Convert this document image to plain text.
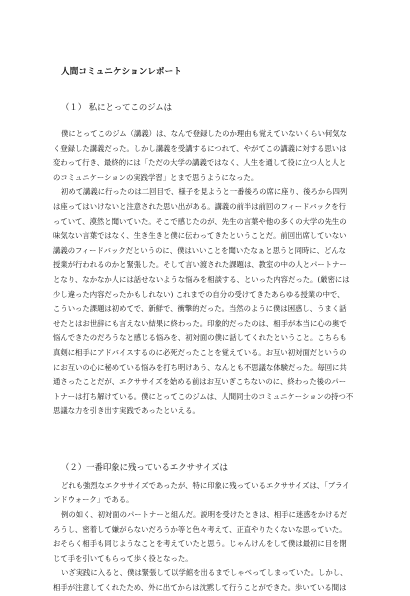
人間コミュニケションレポート
（１） 私にとってこのジムは
僕にとってこのジム（講義）は、なんで登録したのか理由も覚えていないくらい何気な
く登録した講義だった。しかし講義を受講するにつれて、やがてこの講義に対する思いは
変わって行き、最終的には「ただの大学の講義ではなく、人生を通して役に立つ人と人と
のコミュニケーションの実践学習」とまで思うようになった。
初めて講義に行ったのは二回目で、様子を見ようと一番後ろの席に座り、後ろから四列
は座ってはいけないと注意された思い出がある。講義の前半は前回のフィードバックを行
っていて、漠然と聞いていた。そこで感じたのが、先生の言葉や他の多くの大学の先生の
味気ない言葉ではなく、生き生きと僕に伝わってきたということだ。前回出席していない
講義のフィードバックだというのに、僕はいいことを聞いたなぁと思うと同時に、どんな
授業が行われるのかと緊張した。そして言い渡された課題は、教室の中の人とパートナー
となり、なかなか人には話せないような悩みを相談する、といった内容だった。(厳密には
少し違った内容だったかもしれない) これまでの自分の受けてきたあらゆる授業の中で、
こういった課題は初めてで、新鮮で、衝撃的だった。当然のように僕は困惑し、うまく話
せたとはお世辞にも言えない結果に終わった。印象的だったのは、相手が本当に心の奥で
悩んできたのだろうなと感じる悩みを、初対面の僕に話してくれたということ。こちらも
真剣に相手にアドバイスするのに必死だったことを覚えている。お互い初対面だというの
にお互いの心に秘めている悩みを打ち明けあう、なんとも不思議な体験だった。毎回に共
通さったことだが、エクササイズを始める前はお互いぎこちないのに、終わった後のパー
トナーは打ち解けている。僕にとってこのジムは、人間同士のコミュニケーションの持つ不
思議な力を引き出す実践であったといえる。
（２）一番印象に残っているエクササイズは
どれも強烈なエクササイズであったが、特に印象に残っているエクササイズは、「ブライ
ンドウォーク」である。
例の如く、初対面のパートナーと組んだ。説明を受けたときは、相手に迷惑をかけるだ
ろうし、密着して嫌がらないだろうか等と色々考えて、正直やりたくないな思っていた。
おそらく相手も同じようなことを考えていたと思う。じゃんけんをして僕は最初に目を閉
じて手を引いてもらって歩く役となった。
いざ実践に入ると、僕は緊張して以学館を出るまでしゃべってしまっていた。しかし、
相手が注意してくれたため、外に出てからは沈黙して行うことができた。歩いている間は
